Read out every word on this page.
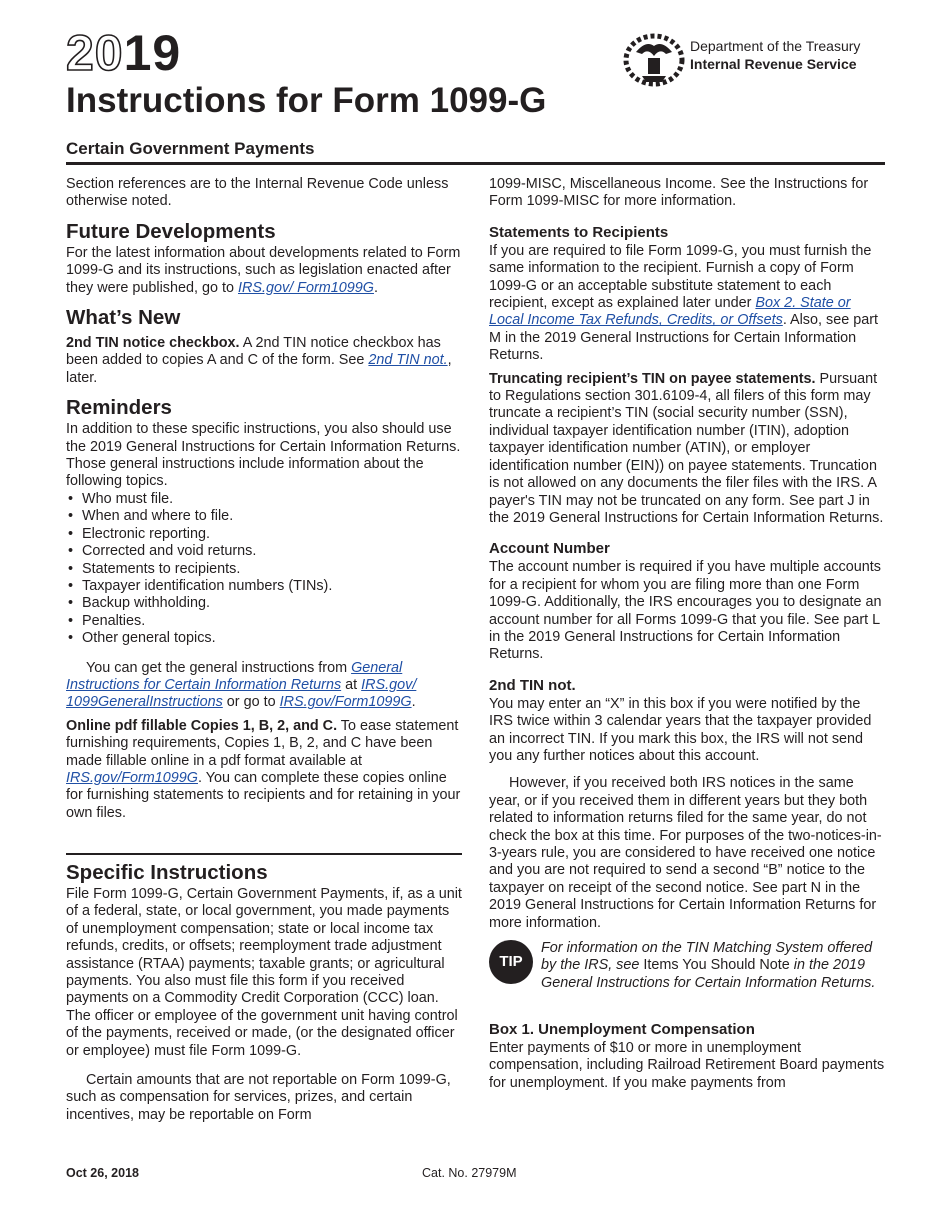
2019
Instructions for Form 1099-G
Certain Government Payments
Department of the Treasury
Internal Revenue Service

Section references are to the Internal Revenue Code unless otherwise noted.

Future Developments

For the latest information about developments related to Form 1099-G and its instructions, such as legislation enacted after they were published, go to IRS.gov/ Form1099G.

What’s New

2nd TIN notice checkbox. A 2nd TIN notice checkbox has been added to copies A and C of the form. See 2nd TIN not., later.

Reminders

In addition to these specific instructions, you also should use the 2019 General Instructions for Certain Information Returns. Those general instructions include information about the following topics.

• Who must file.
• When and where to file.
• Electronic reporting.
• Corrected and void returns.
• Statements to recipients.
• Taxpayer identification numbers (TINs).
• Backup withholding.
• Penalties.
• Other general topics.

You can get the general instructions from General Instructions for Certain Information Returns at IRS.gov/ 1099GeneralInstructions or go to IRS.gov/Form1099G.

Online pdf fillable Copies 1, B, 2, and C. To ease statement furnishing requirements, Copies 1, B, 2, and C have been made fillable online in a pdf format available at IRS.gov/Form1099G. You can complete these copies online for furnishing statements to recipients and for retaining in your own files.

Specific Instructions

File Form 1099-G, Certain Government Payments, if, as a unit of a federal, state, or local government, you made payments of unemployment compensation; state or local income tax refunds, credits, or offsets; reemployment trade adjustment assistance (RTAA) payments; taxable grants; or agricultural payments. You also must file this form if you received payments on a Commodity Credit Corporation (CCC) loan. The officer or employee of the government unit having control of the payments, received or made, (or the designated officer or employee) must file Form 1099-G.

Certain amounts that are not reportable on Form 1099-G, such as compensation for services, prizes, and certain incentives, may be reportable on Form

1099-MISC, Miscellaneous Income. See the Instructions for Form 1099-MISC for more information.

Statements to Recipients

If you are required to file Form 1099-G, you must furnish the same information to the recipient. Furnish a copy of Form 1099-G or an acceptable substitute statement to each recipient, except as explained later under Box 2. State or Local Income Tax Refunds, Credits, or Offsets. Also, see part M in the 2019 General Instructions for Certain Information Returns.

Truncating recipient’s TIN on payee statements. Pursuant to Regulations section 301.6109-4, all filers of this form may truncate a recipient’s TIN (social security number (SSN), individual taxpayer identification number (ITIN), adoption taxpayer identification number (ATIN), or employer identification number (EIN)) on payee statements. Truncation is not allowed on any documents the filer files with the IRS. A payer's TIN may not be truncated on any form. See part J in the 2019 General Instructions for Certain Information Returns.

Account Number

The account number is required if you have multiple accounts for a recipient for whom you are filing more than one Form 1099-G. Additionally, the IRS encourages you to designate an account number for all Forms 1099-G that you file. See part L in the 2019 General Instructions for Certain Information Returns.

2nd TIN not.

You may enter an “X” in this box if you were notified by the IRS twice within 3 calendar years that the taxpayer provided an incorrect TIN. If you mark this box, the IRS will not send you any further notices about this account.

However, if you received both IRS notices in the same year, or if you received them in different years but they both related to information returns filed for the same year, do not check the box at this time. For purposes of the two-notices-in-3-years rule, you are considered to have received one notice and you are not required to send a second “B” notice to the taxpayer on receipt of the second notice. See part N in the 2019 General Instructions for Certain Information Returns for more information.

TIP

For information on the TIN Matching System offered by the IRS, see Items You Should Note in the 2019 General Instructions for Certain Information Returns.

Box 1. Unemployment Compensation

Enter payments of $10 or more in unemployment compensation, including Railroad Retirement Board payments for unemployment. If you make payments from

Oct 26, 2018	Cat. No. 27979M
